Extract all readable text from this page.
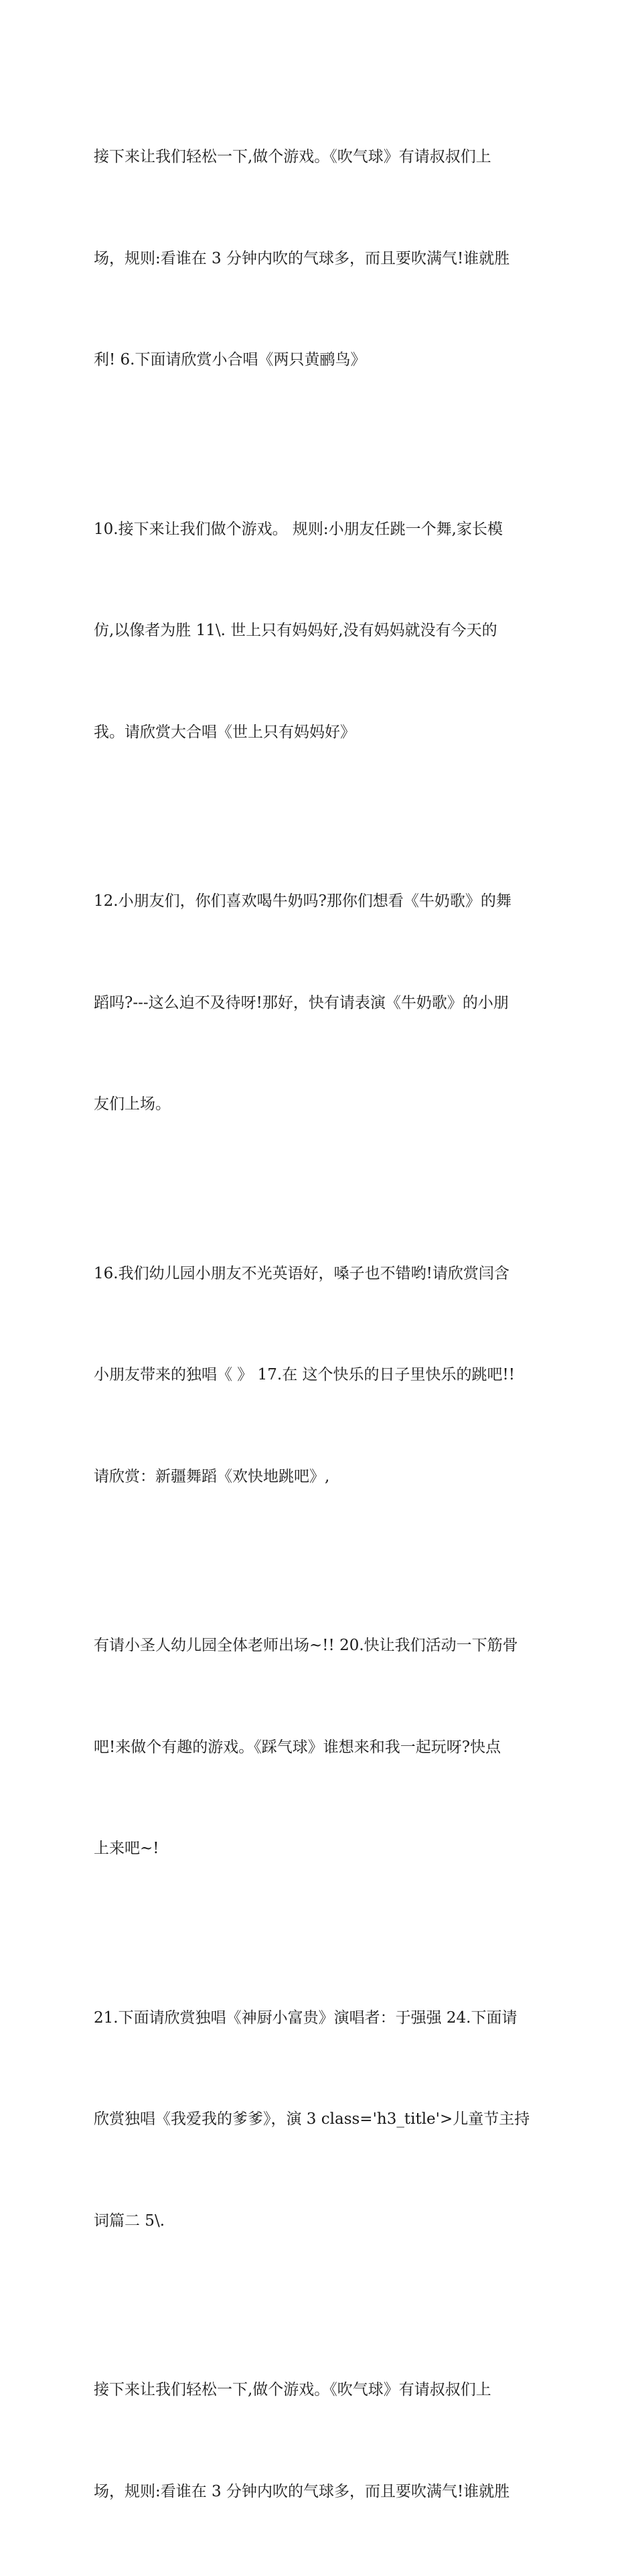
接下来让我们轻松一下,做个游戏。《吹气球》有请叔叔们上

场，规则:看谁在 3 分钟内吹的气球多，而且要吹满气!谁就胜

利! 6.下面请欣赏小合唱《两只黄鹂鸟》

10.接下来让我们做个游戏。 规则:小朋友任跳一个舞,家长模

仿,以像者为胜 11\. 世上只有妈妈好,没有妈妈就没有今天的

我。请欣赏大合唱《世上只有妈妈好》

12.小朋友们，你们喜欢喝牛奶吗?那你们想看《牛奶歌》的舞

蹈吗?---这么迫不及待呀!那好，快有请表演《牛奶歌》的小朋

友们上场。

16.我们幼儿园小朋友不光英语好，嗓子也不错哟!请欣赏闫含

小朋友带来的独唱《 》 17.在 这个快乐的日子里快乐的跳吧!!

请欣赏：新疆舞蹈《欢快地跳吧》,

有请小圣人幼儿园全体老师出场~!! 20.快让我们活动一下筋骨

吧!来做个有趣的游戏。《踩气球》谁想来和我一起玩呀?快点

上来吧~!

21.下面请欣赏独唱《神厨小富贵》演唱者：于强强 24.下面请

欣赏独唱《我爱我的爹爹》，演 3 class='h3_title'>儿童节主持

词篇二 5\.

接下来让我们轻松一下,做个游戏。《吹气球》有请叔叔们上

场，规则:看谁在 3 分钟内吹的气球多，而且要吹满气!谁就胜
